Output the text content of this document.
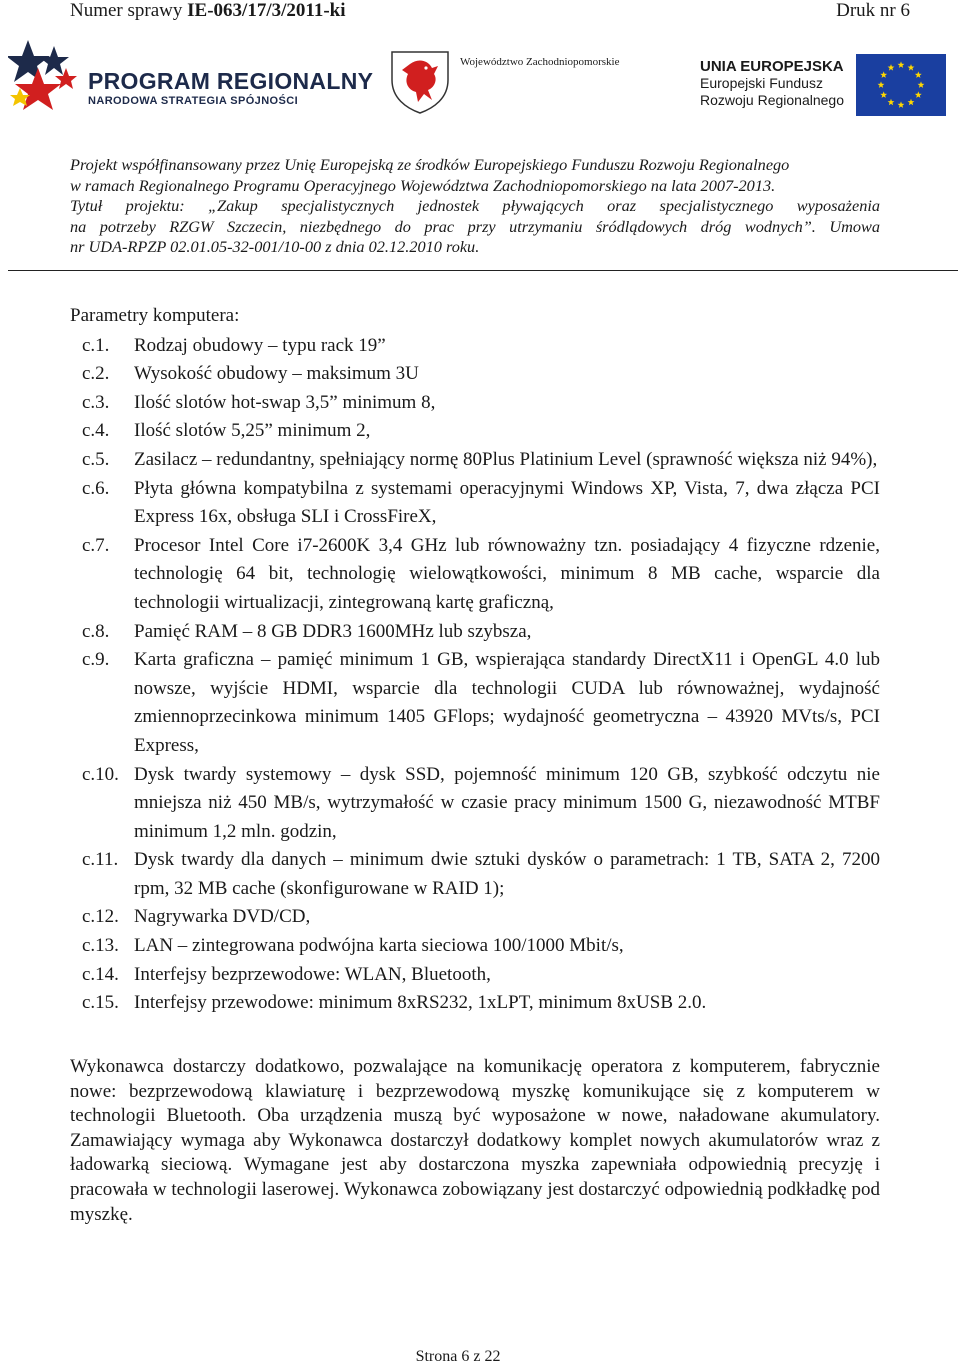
Numer sprawy IE-063/17/3/2011-ki	Druk nr 6
PROGRAM REGIONALNY
NARODOWA STRATEGIA SPÓJNOŚCI
Województwo Zachodniopomorskie	UNIA EUROPEJSKA
Europejski Fundusz
Rozwoju Regionalnego
Projekt współfinansowany przez Unię Europejską ze środków Europejskiego Funduszu Rozwoju Regionalnego
w ramach Regionalnego Programu Operacyjnego Województwa Zachodniopomorskiego na lata 2007-2013.
Tytuł projektu: „Zakup specjalistycznych jednostek pływających oraz specjalistycznego wyposażenia
na potrzeby RZGW Szczecin, niezbędnego do prac przy utrzymaniu śródlądowych dróg wodnych”. Umowa
nr UDA-RPZP 02.01.05-32-001/10-00 z dnia 02.12.2010 roku.
Parametry komputera:
c.1.	Rodzaj obudowy – typu rack 19”
c.2.	Wysokość obudowy – maksimum 3U
c.3.	Ilość slotów hot-swap 3,5” minimum 8,
c.4.	Ilość slotów 5,25” minimum 2,
c.5.	Zasilacz – redundantny, spełniający normę 80Plus Platinium Level (sprawność większa niż 94%),
c.6.	Płyta główna kompatybilna z systemami operacyjnymi Windows XP, Vista, 7, dwa złącza PCI Express 16x, obsługa SLI i CrossFireX,
c.7.	Procesor Intel Core i7-2600K 3,4 GHz lub równoważny tzn. posiadający 4 fizyczne rdzenie, technologię 64 bit, technologię wielowątkowości, minimum 8 MB cache, wsparcie dla technologii wirtualizacji, zintegrowaną kartę graficzną,
c.8.	Pamięć RAM – 8 GB DDR3 1600MHz lub szybsza,
c.9.	Karta graficzna – pamięć minimum 1 GB, wspierająca standardy DirectX11 i OpenGL 4.0 lub nowsze, wyjście HDMI, wsparcie dla technologii CUDA lub równoważnej, wydajność zmiennoprzecinkowa minimum 1405 GFlops; wydajność geometryczna – 43920 MVts/s, PCI Express,
c.10. Dysk twardy systemowy – dysk SSD, pojemność minimum 120 GB, szybkość odczytu nie mniejsza niż 450 MB/s, wytrzymałość w czasie pracy minimum 1500 G, niezawodność MTBF minimum 1,2 mln. godzin,
c.11. Dysk twardy dla danych – minimum dwie sztuki dysków o parametrach: 1 TB, SATA 2, 7200 rpm, 32 MB cache (skonfigurowane w RAID 1);
c.12. Nagrywarka DVD/CD,
c.13. LAN – zintegrowana podwójna karta sieciowa 100/1000 Mbit/s,
c.14. Interfejsy bezprzewodowe: WLAN, Bluetooth,
c.15. Interfejsy przewodowe: minimum 8xRS232, 1xLPT, minimum 8xUSB 2.0.
Wykonawca dostarczy dodatkowo, pozwalające na komunikację operatora z komputerem, fabrycznie nowe: bezprzewodową klawiaturę i bezprzewodową myszkę komunikujące się z komputerem w technologii Bluetooth. Oba urządzenia muszą być wyposażone w nowe, naładowane akumulatory. Zamawiający wymaga aby Wykonawca dostarczył dodatkowy komplet nowych akumulatorów wraz z ładowarką sieciową. Wymagane jest aby dostarczona myszka zapewniała odpowiednią precyzję i pracowała w technologii laserowej. Wykonawca zobowiązany jest dostarczyć odpowiednią podkładkę pod myszkę.
Strona 6 z 22
